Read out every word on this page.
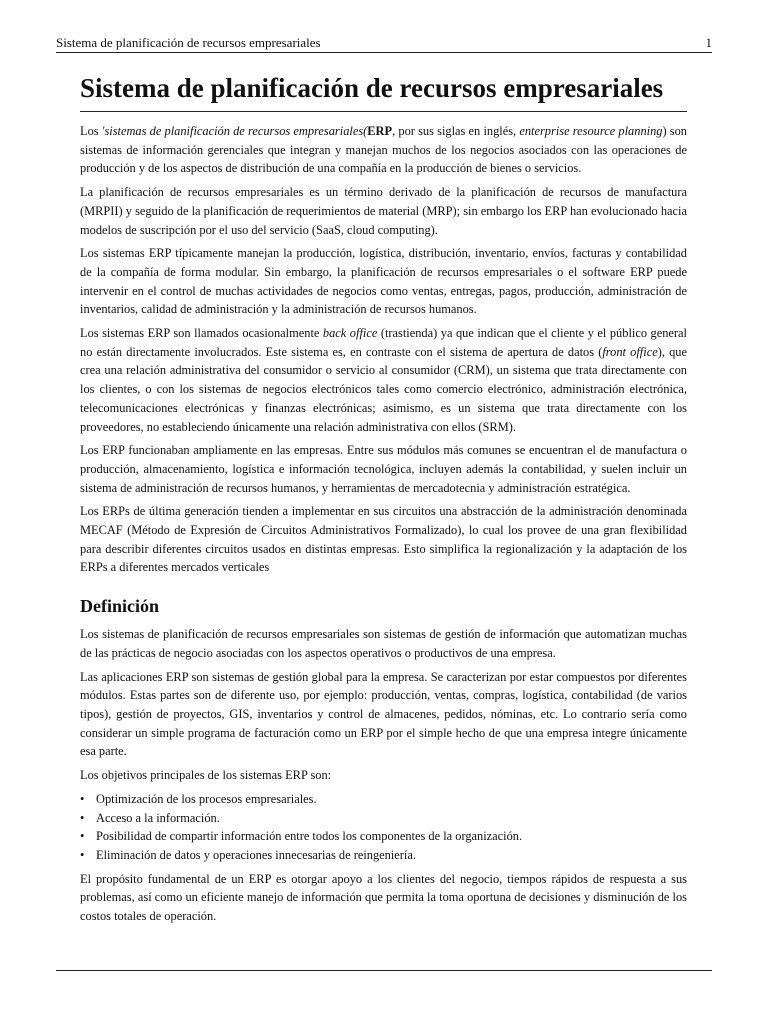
Sistema de planificación de recursos empresariales	1
Sistema de planificación de recursos empresariales

Los 'sistemas de planificación de recursos empresariales(ERP, por sus siglas en inglés, enterprise resource planning) son sistemas de información gerenciales que integran y manejan muchos de los negocios asociados con las operaciones de producción y de los aspectos de distribución de una compañía en la producción de bienes o servicios.

La planificación de recursos empresariales es un término derivado de la planificación de recursos de manufactura (MRPII) y seguido de la planificación de requerimientos de material (MRP); sin embargo los ERP han evolucionado hacia modelos de suscripción por el uso del servicio (SaaS, cloud computing).

Los sistemas ERP típicamente manejan la producción, logística, distribución, inventario, envíos, facturas y contabilidad de la compañía de forma modular. Sin embargo, la planificación de recursos empresariales o el software ERP puede intervenir en el control de muchas actividades de negocios como ventas, entregas, pagos, producción, administración de inventarios, calidad de administración y la administración de recursos humanos.

Los sistemas ERP son llamados ocasionalmente back office (trastienda) ya que indican que el cliente y el público general no están directamente involucrados. Este sistema es, en contraste con el sistema de apertura de datos (front office), que crea una relación administrativa del consumidor o servicio al consumidor (CRM), un sistema que trata directamente con los clientes, o con los sistemas de negocios electrónicos tales como comercio electrónico, administración electrónica, telecomunicaciones electrónicas y finanzas electrónicas; asimismo, es un sistema que trata directamente con los proveedores, no estableciendo únicamente una relación administrativa con ellos (SRM).

Los ERP funcionaban ampliamente en las empresas. Entre sus módulos más comunes se encuentran el de manufactura o producción, almacenamiento, logística e información tecnológica, incluyen además la contabilidad, y suelen incluir un sistema de administración de recursos humanos, y herramientas de mercadotecnia y administración estratégica.

Los ERPs de última generación tienden a implementar en sus circuitos una abstracción de la administración denominada MECAF (Método de Expresión de Circuitos Administrativos Formalizado), lo cual los provee de una gran flexibilidad para describir diferentes circuitos usados en distintas empresas. Esto simplifica la regionalización y la adaptación de los ERPs a diferentes mercados verticales

Definición

Los sistemas de planificación de recursos empresariales son sistemas de gestión de información que automatizan muchas de las prácticas de negocio asociadas con los aspectos operativos o productivos de una empresa.

Las aplicaciones ERP son sistemas de gestión global para la empresa. Se caracterizan por estar compuestos por diferentes módulos. Estas partes son de diferente uso, por ejemplo: producción, ventas, compras, logística, contabilidad (de varios tipos), gestión de proyectos, GIS, inventarios y control de almacenes, pedidos, nóminas, etc. Lo contrario sería como considerar un simple programa de facturación como un ERP por el simple hecho de que una empresa integre únicamente esa parte.

Los objetivos principales de los sistemas ERP son:

• Optimización de los procesos empresariales.
• Acceso a la información.
• Posibilidad de compartir información entre todos los componentes de la organización.
• Eliminación de datos y operaciones innecesarias de reingeniería.

El propósito fundamental de un ERP es otorgar apoyo a los clientes del negocio, tiempos rápidos de respuesta a sus problemas, así como un eficiente manejo de información que permita la toma oportuna de decisiones y disminución de los costos totales de operación.
